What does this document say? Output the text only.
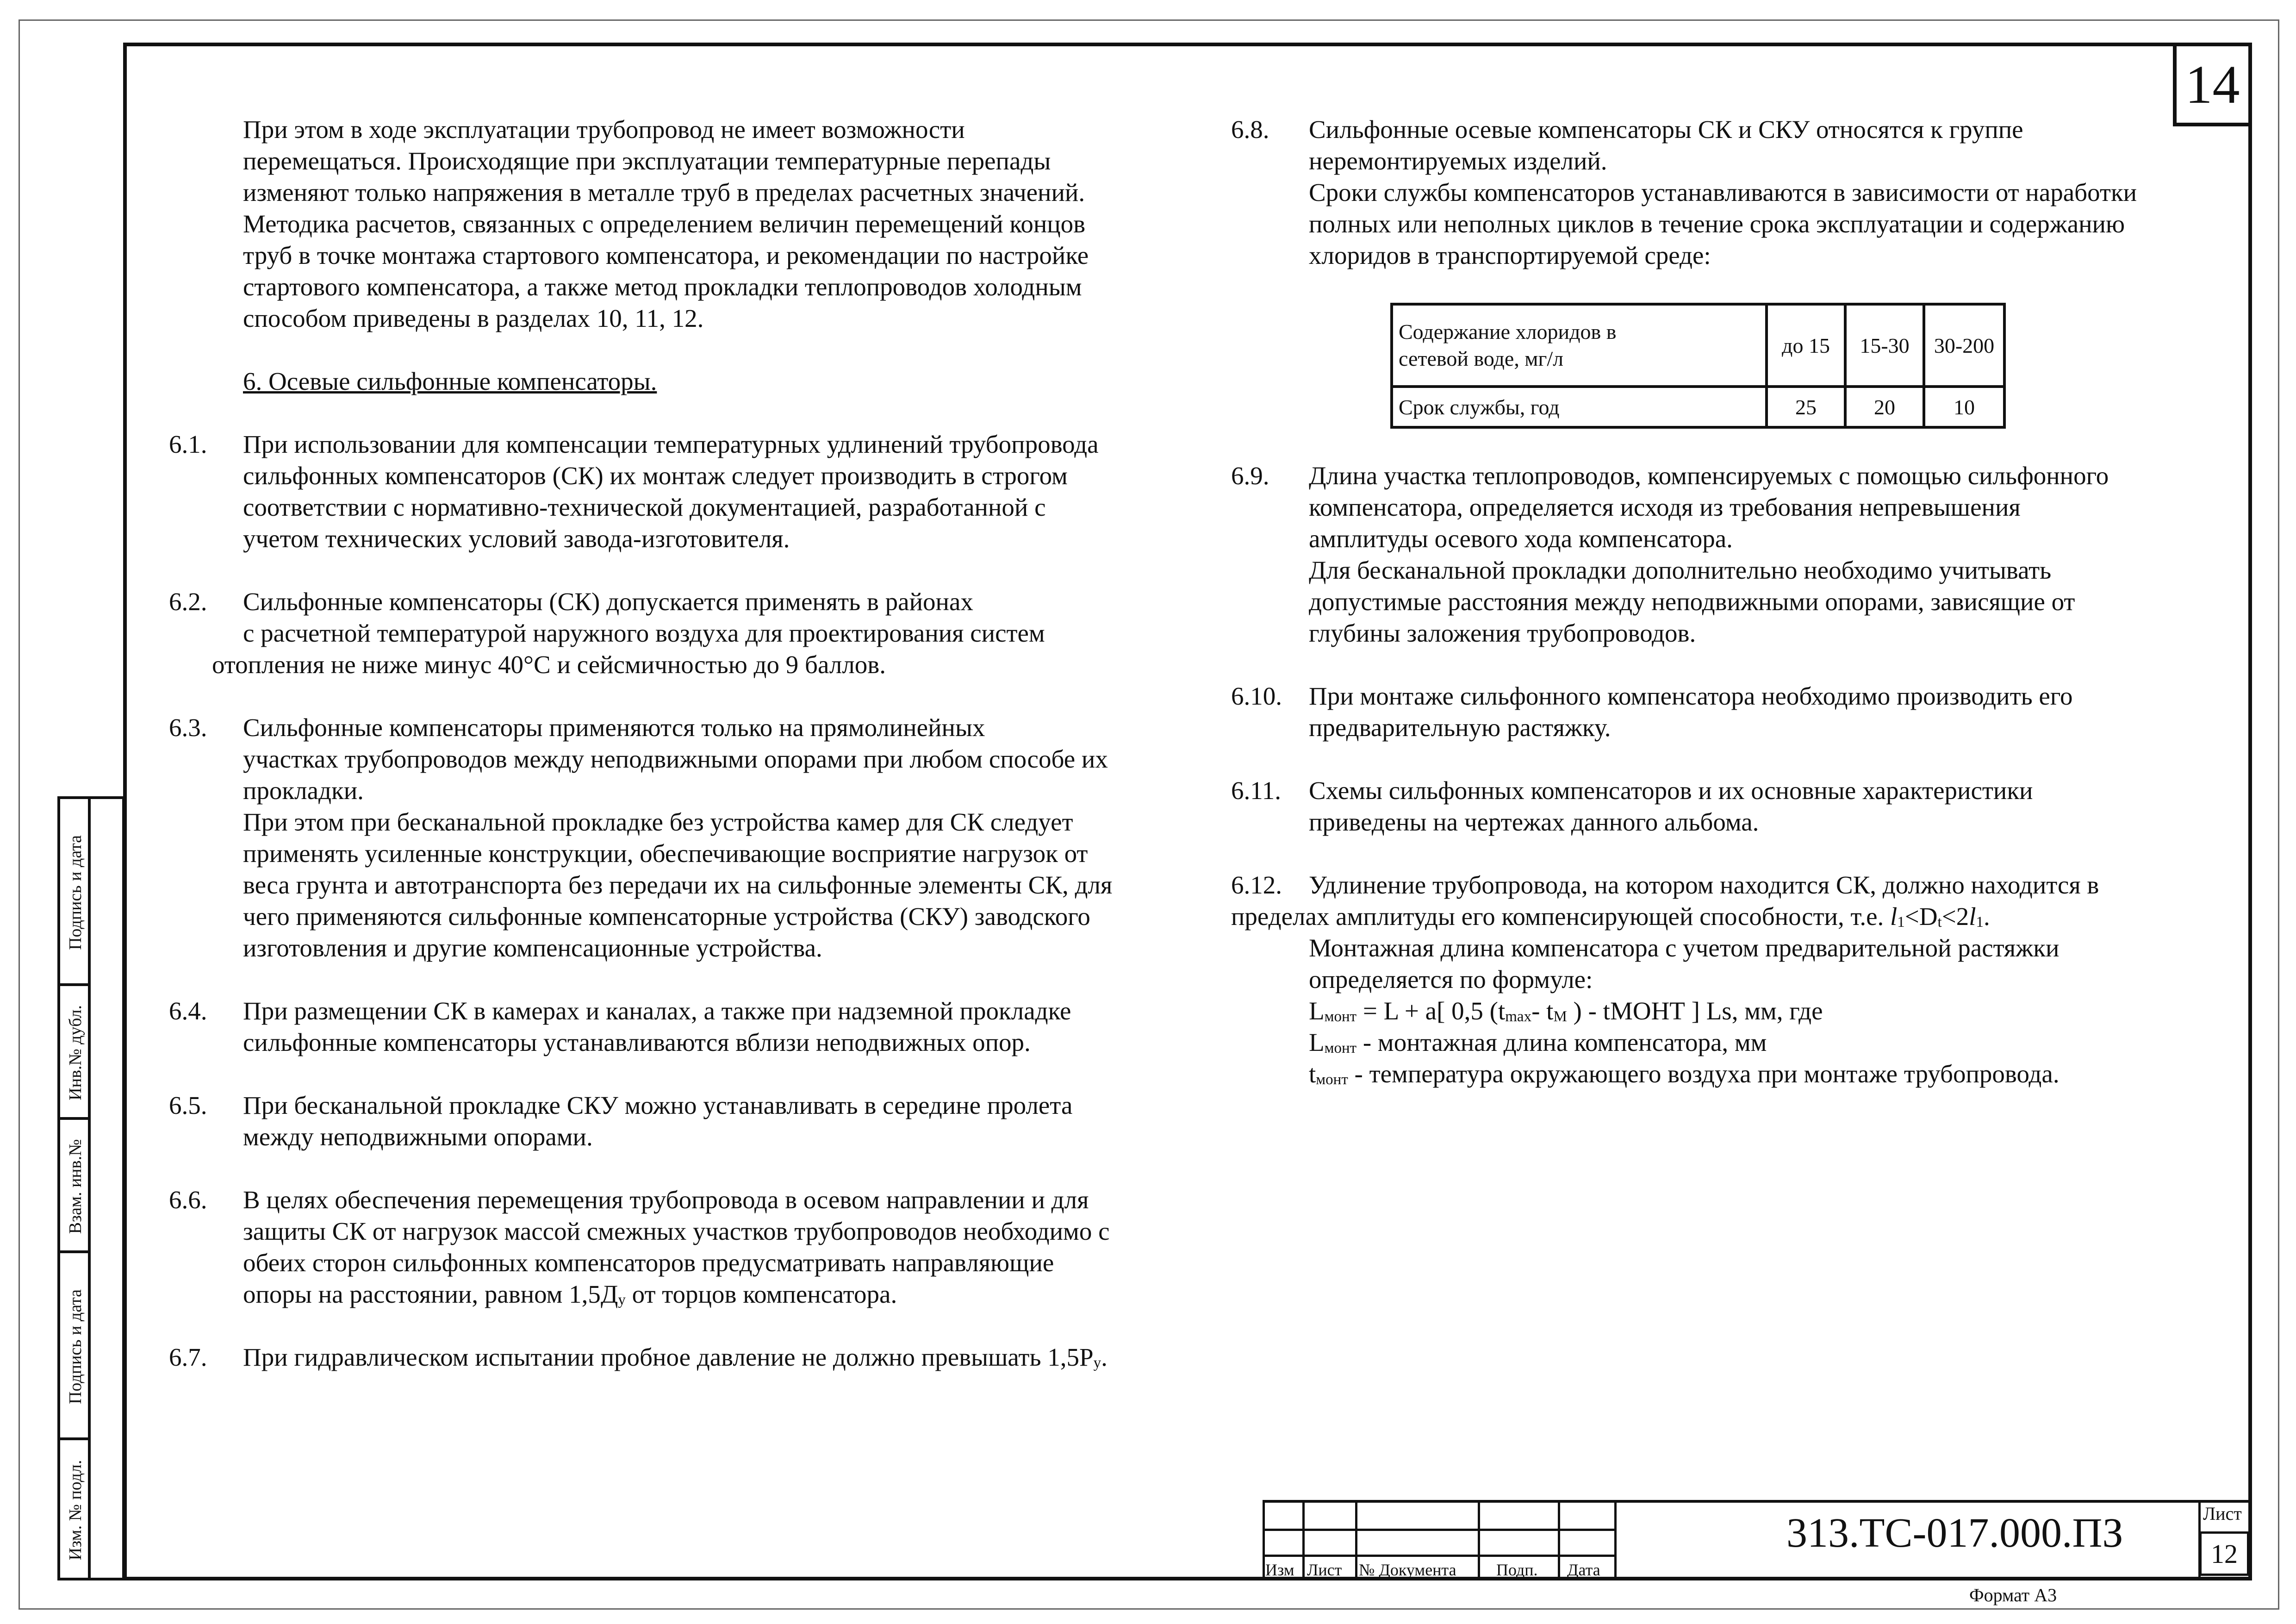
14
При этом в ходе эксплуатации трубопровод не имеет возможности
перемещаться. Происходящие при эксплуатации температурные перепады
изменяют только напряжения в металле труб в пределах расчетных значений.
Методика расчетов, связанных с определением величин перемещений концов
труб в точке монтажа стартового компенсатора, и рекомендации по настройке
стартового компенсатора, а также метод прокладки теплопроводов холодным
способом приведены в разделах 10, 11, 12.
6. Осевые сильфонные компенсаторы.
6.1. При использовании для компенсации температурных удлинений трубопровода
сильфонных компенсаторов (СК) их монтаж следует производить в строгом
соответствии с нормативно-технической документацией, разработанной с
учетом технических условий завода-изготовителя.
6.2. Сильфонные компенсаторы (СК) допускается применять в районах
с расчетной температурой наружного воздуха для проектирования систем
отопления не ниже минус 40°С и сейсмичностью до 9 баллов.
6.3. Сильфонные компенсаторы применяются только на прямолинейных
участках трубопроводов между неподвижными опорами при любом способе их
прокладки.
При этом при бесканальной прокладке без устройства камер для СК следует
применять усиленные конструкции, обеспечивающие восприятие нагрузок от
веса грунта и автотранспорта без передачи их на сильфонные элементы СК, для
чего применяются сильфонные компенсаторные устройства (СКУ) заводского
изготовления и другие компенсационные устройства.
6.4. При размещении СК в камерах и каналах, а также при надземной прокладке
сильфонные компенсаторы устанавливаются вблизи неподвижных опор.
6.5. При бесканальной прокладке СКУ можно устанавливать в середине пролета
между неподвижными опорами.
6.6. В целях обеспечения перемещения трубопровода в осевом направлении и для
защиты СК от нагрузок массой смежных участков трубопроводов необходимо с
обеих сторон сильфонных компенсаторов предусматривать направляющие
опоры на расстоянии, равном 1,5Ду от торцов компенсатора.
6.7. При гидравлическом испытании пробное давление не должно превышать 1,5Ру.
6.8. Сильфонные осевые компенсаторы СК и СКУ относятся к группе
неремонтируемых изделий.
Сроки службы компенсаторов устанавливаются в зависимости от наработки
полных или неполных циклов в течение срока эксплуатации и содержанию
хлоридов в транспортируемой среде:
Содержание хлоридов в
сетевой воде, мг/л	до 15	15-30	30-200
Срок службы, год	25	20	10
6.9. Длина участка теплопроводов, компенсируемых с помощью сильфонного
компенсатора, определяется исходя из требования непревышения
амплитуды осевого хода компенсатора.
Для бесканальной прокладки дополнительно необходимо учитывать
допустимые расстояния между неподвижными опорами, зависящие от
глубины заложения трубопроводов.
6.10. При монтаже сильфонного компенсатора необходимо производить его
предварительную растяжку.
6.11. Схемы сильфонных компенсаторов и их основные характеристики
приведены на чертежах данного альбома.
6.12. Удлинение трубопровода, на котором находится СК, должно находится в
пределах амплитуды его компенсирующей способности, т.е. l1<Dt<2l1.
Монтажная длина компенсатора с учетом предварительной растяжки
определяется по формуле:
Lмонт = L + a[ 0,5 (tmax- tМ ) - tМОНТ ] Ls, мм, где
Lмонт - монтажная длина компенсатора, мм
tмонт - температура окружающего воздуха при монтаже трубопровода.
Подпись и дата
Инв.№ дубл.
Взам. инв.№
Подпись и дата
Изм. № подл.
Изм Лист № Документа Подп. Дата
313.ТС-017.000.ПЗ	Лист
12
Формат А3
